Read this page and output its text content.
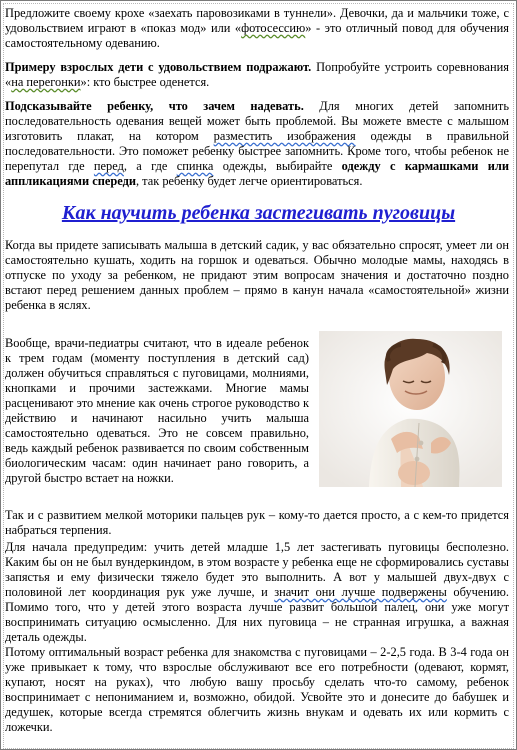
Предложите своему крохе «заехать паровозиками в туннели». Девочки, да и мальчики тоже, с удовольствием играют в «показ мод» или «фотосессию» - это отличный повод для обучения самостоятельному одеванию.

Примеру взрослых дети с удовольствием подражают. Попробуйте устроить соревнования «на перегонки»: кто быстрее оденется.

Подсказывайте ребенку, что зачем надевать. Для многих детей запомнить последовательность одевания вещей может быть проблемой. Вы можете вместе с малышом изготовить плакат, на котором разместить изображения одежды в правильной последовательности. Это поможет ребенку быстрее запомнить. Кроме того, чтобы ребенок не перепутал где перед, а где спинка одежды, выбирайте одежду с кармашками или аппликациями спереди, так ребенку будет легче ориентироваться.

Как научить ребенка застегивать пуговицы

Когда вы придете записывать малыша в детский садик, у вас обязательно спросят, умеет ли он самостоятельно кушать, ходить на горшок и одеваться. Обычно молодые мамы, находясь в отпуске по уходу за ребенком, не придают этим вопросам значения и достаточно поздно встают перед решением данных проблем – прямо в канун начала «самостоятельной» жизни ребенка в яслях.

Вообще, врачи-педиатры считают, что в идеале ребенок к трем годам (моменту поступления в детский сад) должен обучиться справляться с пуговицами, молниями, кнопками и прочими застежками. Многие мамы расценивают это мнение как очень строгое руководство к действию и начинают насильно учить малыша самостоятельно одеваться. Это не совсем правильно, ведь каждый ребенок развивается по своим собственным биологическим часам: один начинает рано говорить, а другой быстро встает на ножки.

Так и с развитием мелкой моторики пальцев рук – кому-то дается просто, а с кем-то придется набраться терпения.

Для начала предупредим: учить детей младше 1,5 лет застегивать пуговицы бесполезно. Каким бы он не был вундеркиндом, в этом возрасте у ребенка еще не сформировались суставы запястья и ему физически тяжело будет это выполнить. А вот у малышей двух-двух с половиной лет координация рук уже лучше, и значит они лучше подвержены обучению. Помимо того, что у детей этого возраста лучше развит большой палец, они уже могут воспринимать ситуацию осмысленно. Для них пуговица – не странная игрушка, а важная деталь одежды.

Потому оптимальный возраст ребенка для знакомства с пуговицами – 2-2,5 года. В 3-4 года он уже привыкает к тому, что взрослые обслуживают все его потребности (одевают, кормят, купают, носят на руках), что любую вашу просьбу сделать что-то самому, ребенок воспринимает с непониманием и, возможно, обидой. Усвойте это и донесите до бабушек и дедушек, которые всегда стремятся облегчить жизнь внукам и одевать их или кормить с ложечки.
